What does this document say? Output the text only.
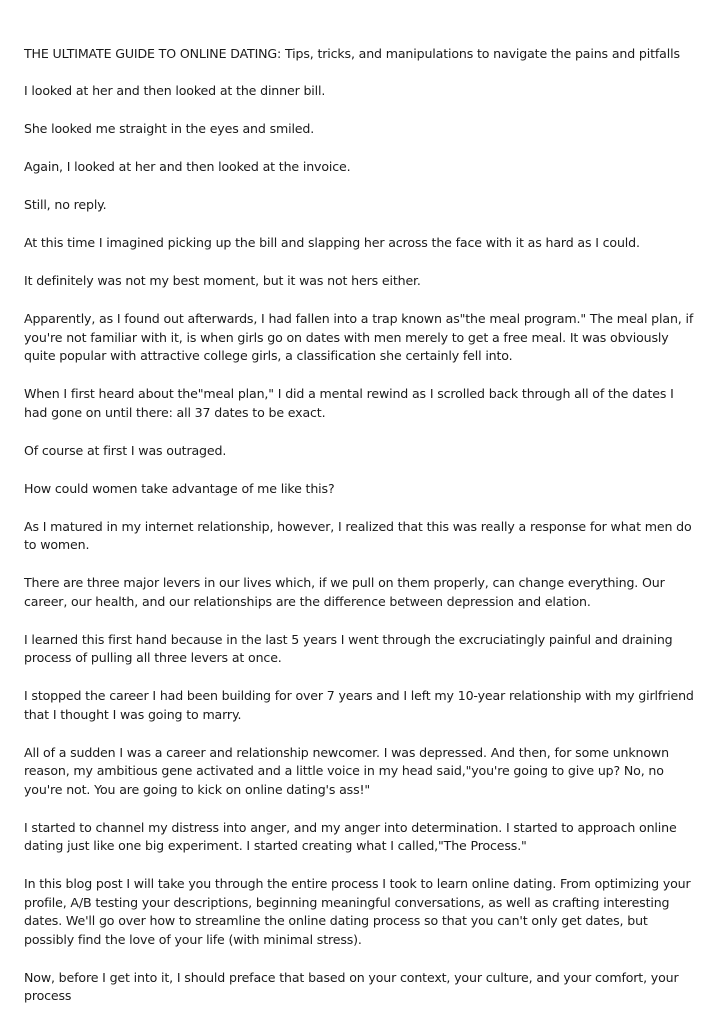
THE ULTIMATE GUIDE TO ONLINE DATING: Tips, tricks, and manipulations to navigate the pains and pitfalls

I looked at her and then looked at the dinner bill.

She looked me straight in the eyes and smiled.

Again, I looked at her and then looked at the invoice.

Still, no reply.

At this time I imagined picking up the bill and slapping her across the face with it as hard as I could.

It definitely was not my best moment, but it was not hers either.

Apparently, as I found out afterwards, I had fallen into a trap known as"the meal program." The meal plan, if you're not familiar with it, is when girls go on dates with men merely to get a free meal. It was obviously quite popular with attractive college girls, a classification she certainly fell into.

When I first heard about the"meal plan," I did a mental rewind as I scrolled back through all of the dates I had gone on until there: all 37 dates to be exact.

Of course at first I was outraged.

How could women take advantage of me like this?

As I matured in my internet relationship, however, I realized that this was really a response for what men do to women.

There are three major levers in our lives which, if we pull on them properly, can change everything. Our career, our health, and our relationships are the difference between depression and elation.

I learned this first hand because in the last 5 years I went through the excruciatingly painful and draining process of pulling all three levers at once.

I stopped the career I had been building for over 7 years and I left my 10-year relationship with my girlfriend that I thought I was going to marry.

All of a sudden I was a career and relationship newcomer. I was depressed. And then, for some unknown reason, my ambitious gene activated and a little voice in my head said,"you're going to give up? No, no you're not. You are going to kick on online dating's ass!"

I started to channel my distress into anger, and my anger into determination. I started to approach online dating just like one big experiment. I started creating what I called,"The Process."

In this blog post I will take you through the entire process I took to learn online dating. From optimizing your profile, A/B testing your descriptions, beginning meaningful conversations, as well as crafting interesting dates. We'll go over how to streamline the online dating process so that you can't only get dates, but possibly find the love of your life (with minimal stress).

Now, before I get into it, I should preface that based on your context, your culture, and your comfort, your process
